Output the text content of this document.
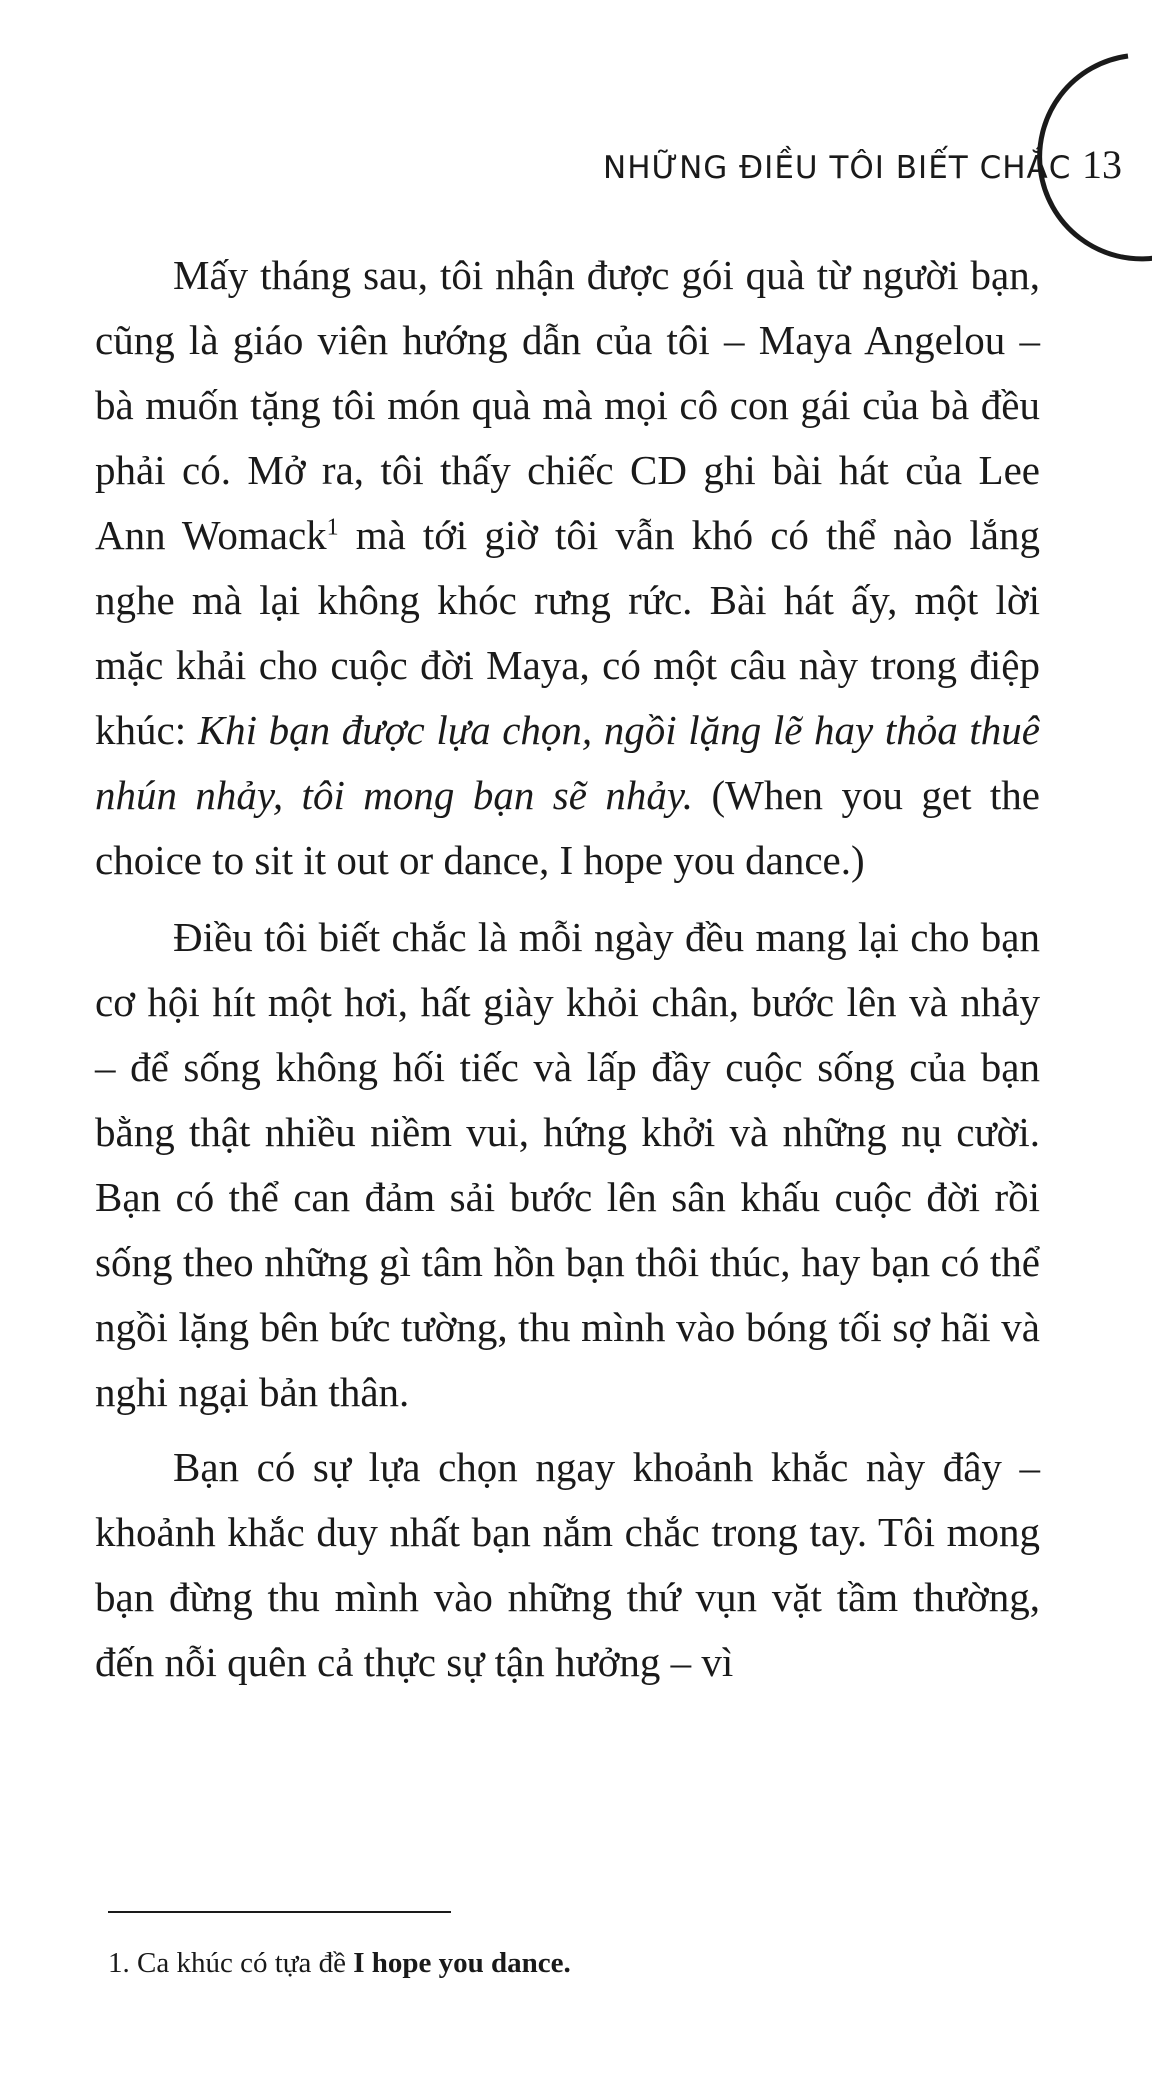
NHỮNG ĐIỀU TÔI BIẾT CHẮC 13

Mấy tháng sau, tôi nhận được gói quà từ người bạn, cũng là giáo viên hướng dẫn của tôi – Maya Angelou – bà muốn tặng tôi món quà mà mọi cô con gái của bà đều phải có. Mở ra, tôi thấy chiếc CD ghi bài hát của Lee Ann Womack$^1$ mà tới giờ tôi vẫn khó có thể nào lắng nghe mà lại không khóc rưng rức. Bài hát ấy, một lời mặc khải cho cuộc đời Maya, có một câu này trong điệp khúc: Khi bạn được lựa chọn, ngồi lặng lẽ hay thỏa thuê nhún nhảy, tôi mong bạn sẽ nhảy. (When you get the choice to sit it out or dance, I hope you dance.)

Điều tôi biết chắc là mỗi ngày đều mang lại cho bạn cơ hội hít một hơi, hất giày khỏi chân, bước lên và nhảy – để sống không hối tiếc và lấp đầy cuộc sống của bạn bằng thật nhiều niềm vui, hứng khởi và những nụ cười. Bạn có thể can đảm sải bước lên sân khấu cuộc đời rồi sống theo những gì tâm hồn bạn thôi thúc, hay bạn có thể ngồi lặng bên bức tường, thu mình vào bóng tối sợ hãi và nghi ngại bản thân.

Bạn có sự lựa chọn ngay khoảnh khắc này đây – khoảnh khắc duy nhất bạn nắm chắc trong tay. Tôi mong bạn đừng thu mình vào những thứ vụn vặt tầm thường, đến nỗi quên cả thực sự tận hưởng – vì

1. Ca khúc có tựa đề I hope you dance.
